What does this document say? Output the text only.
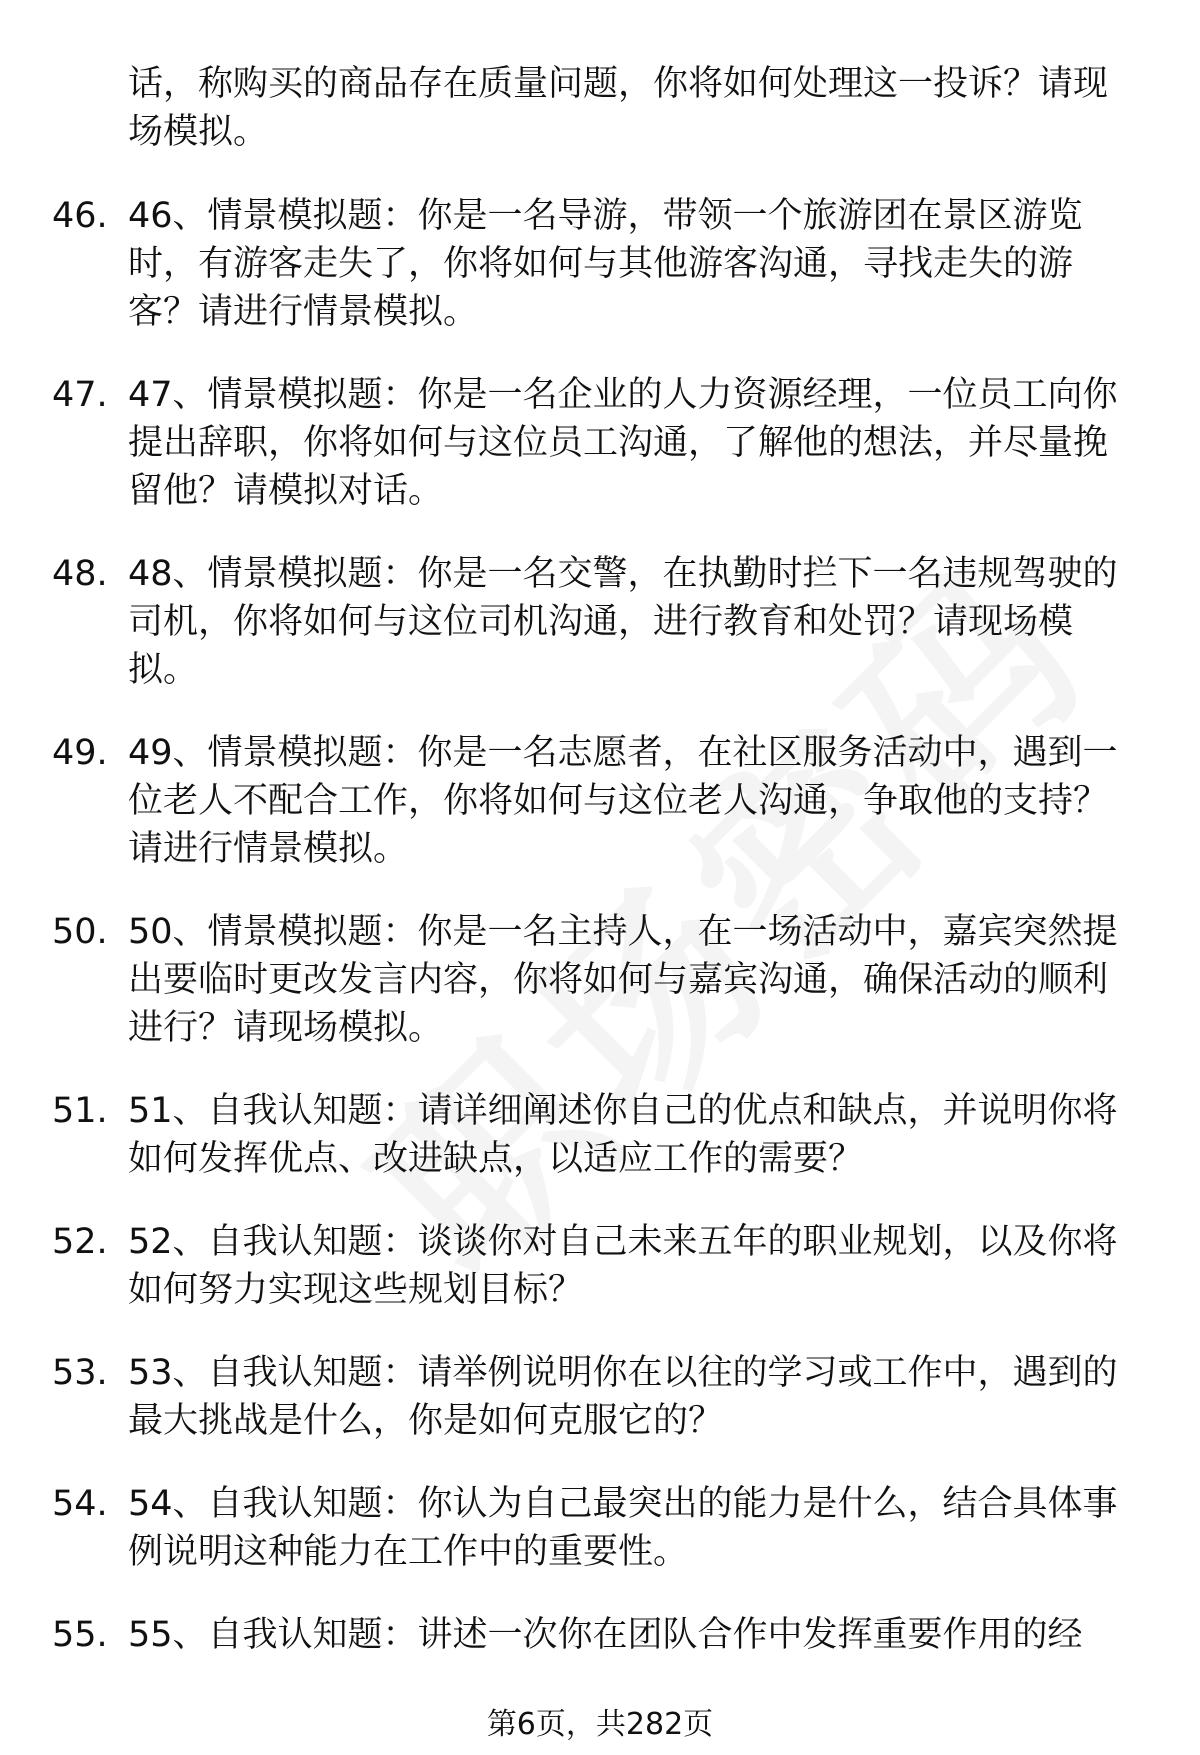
话，称购买的商品存在质量问题，你将如何处理这一投诉？请现场模拟。
46. 46、情景模拟题：你是一名导游，带领一个旅游团在景区游览时，有游客走失了，你将如何与其他游客沟通，寻找走失的游客？请进行情景模拟。
47. 47、情景模拟题：你是一名企业的人力资源经理，一位员工向你提出辞职，你将如何与这位员工沟通，了解他的想法，并尽量挽留他？请模拟对话。
48. 48、情景模拟题：你是一名交警，在执勤时拦下一名违规驾驶的司机，你将如何与这位司机沟通，进行教育和处罚？请现场模拟。
49. 49、情景模拟题：你是一名志愿者，在社区服务活动中，遇到一位老人不配合工作，你将如何与这位老人沟通，争取他的支持？请进行情景模拟。
50. 50、情景模拟题：你是一名主持人，在一场活动中，嘉宾突然提出要临时更改发言内容，你将如何与嘉宾沟通，确保活动的顺利进行？请现场模拟。
51. 51、自我认知题：请详细阐述你自己的优点和缺点，并说明你将如何发挥优点、改进缺点，以适应工作的需要？
52. 52、自我认知题：谈谈你对自己未来五年的职业规划，以及你将如何努力实现这些规划目标？
53. 53、自我认知题：请举例说明你在以往的学习或工作中，遇到的最大挑战是什么，你是如何克服它的？
54. 54、自我认知题：你认为自己最突出的能力是什么，结合具体事例说明这种能力在工作中的重要性。
55. 55、自我认知题：讲述一次你在团队合作中发挥重要作用的经
第6页，共282页
